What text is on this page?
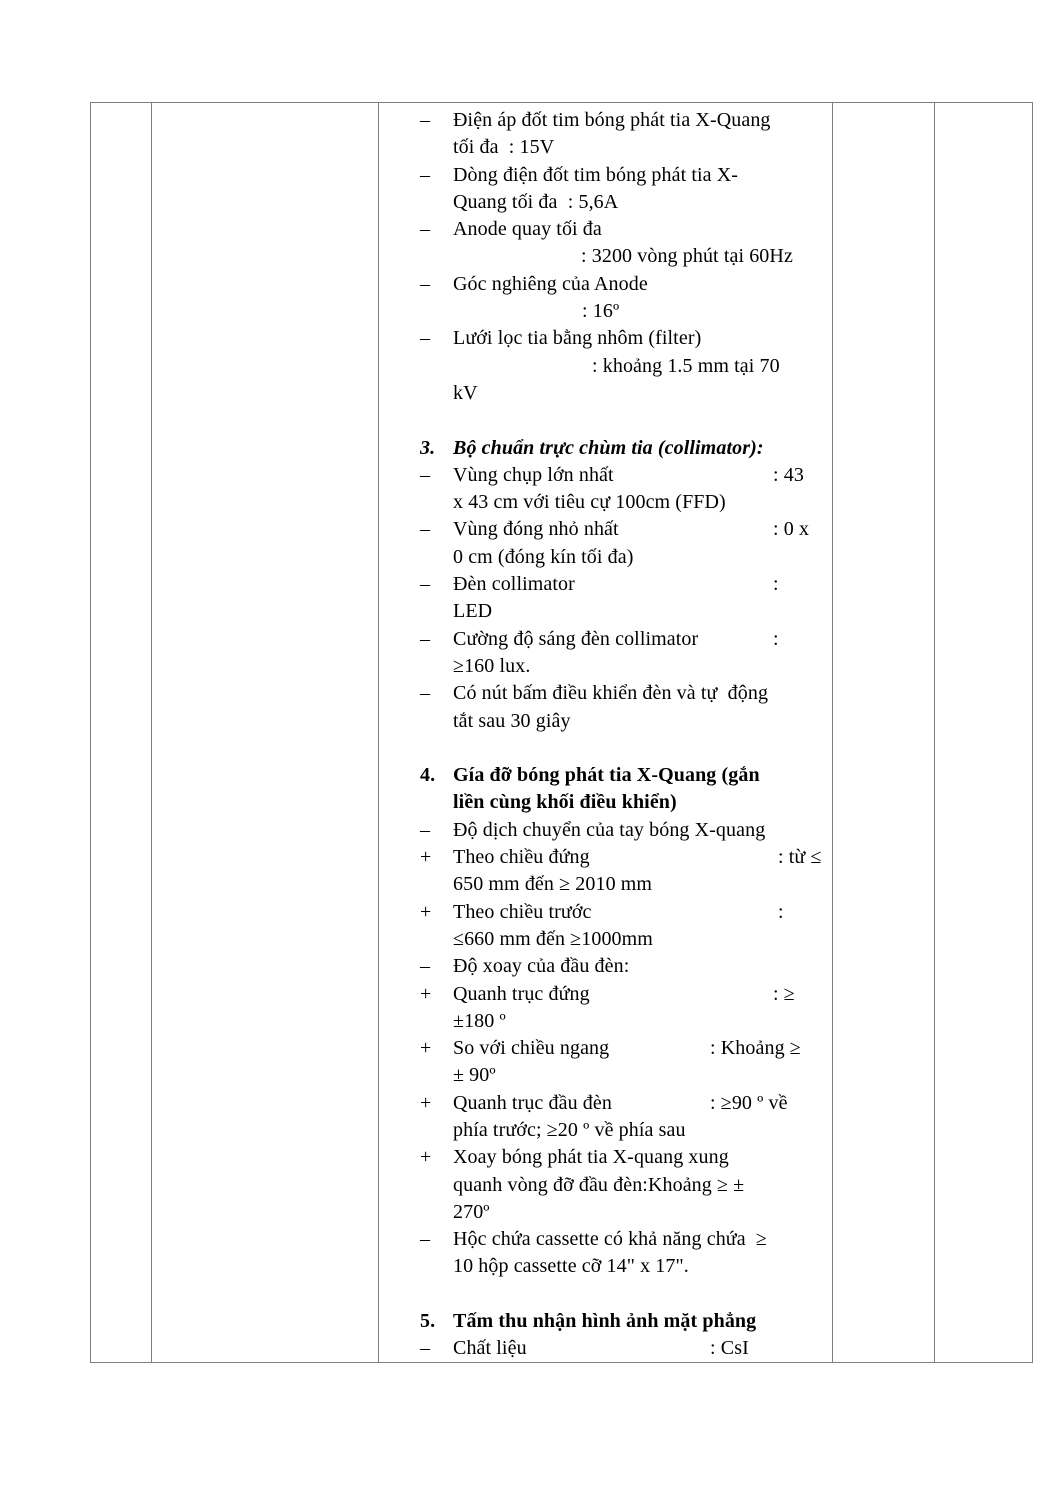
– Điện áp đốt tim bóng phát tia X-Quang
tối đa  : 15V
– Dòng điện đốt tim bóng phát tia X-
Quang tối đa  : 5,6A
– Anode quay tối đa
: 3200 vòng phút tại 60Hz
– Góc nghiêng của Anode
: 16º
– Lưới lọc tia bằng nhôm (filter)
: khoảng 1.5 mm tại 70
kV
3. Bộ chuẩn trực chùm tia (collimator):
– Vùng chụp lớn nhất	: 43
x 43 cm với tiêu cự 100cm (FFD)
– Vùng đóng nhỏ nhất	: 0 x
0 cm (đóng kín tối đa)
– Đèn collimator	:
LED
– Cường độ sáng đèn collimator	:
≥160 lux.
– Có nút bấm điều khiển đèn và tự  động
tắt sau 30 giây
4. Gía đỡ bóng phát tia X-Quang (gắn
liền cùng khối điều khiển)
– Độ dịch chuyển của tay bóng X-quang
+ Theo chiều đứng	: từ ≤
650 mm đến ≥ 2010 mm
+ Theo chiều trước	:
≤660 mm đến ≥1000mm
– Độ xoay của đầu đèn:
+ Quanh trục đứng	: ≥
±180 º
+ So với chiều ngang	: Khoảng ≥
± 90º
+ Quanh trục đầu đèn	: ≥90 º về
phía trước; ≥20 º về phía sau
+ Xoay bóng phát tia X-quang xung
quanh vòng đỡ đầu đèn:Khoảng ≥ ±
270º
– Hộc chứa cassette có khả năng chứa  ≥
10 hộp cassette cỡ 14" x 17".
5. Tấm thu nhận hình ảnh mặt phẳng
– Chất liệu	: CsI
